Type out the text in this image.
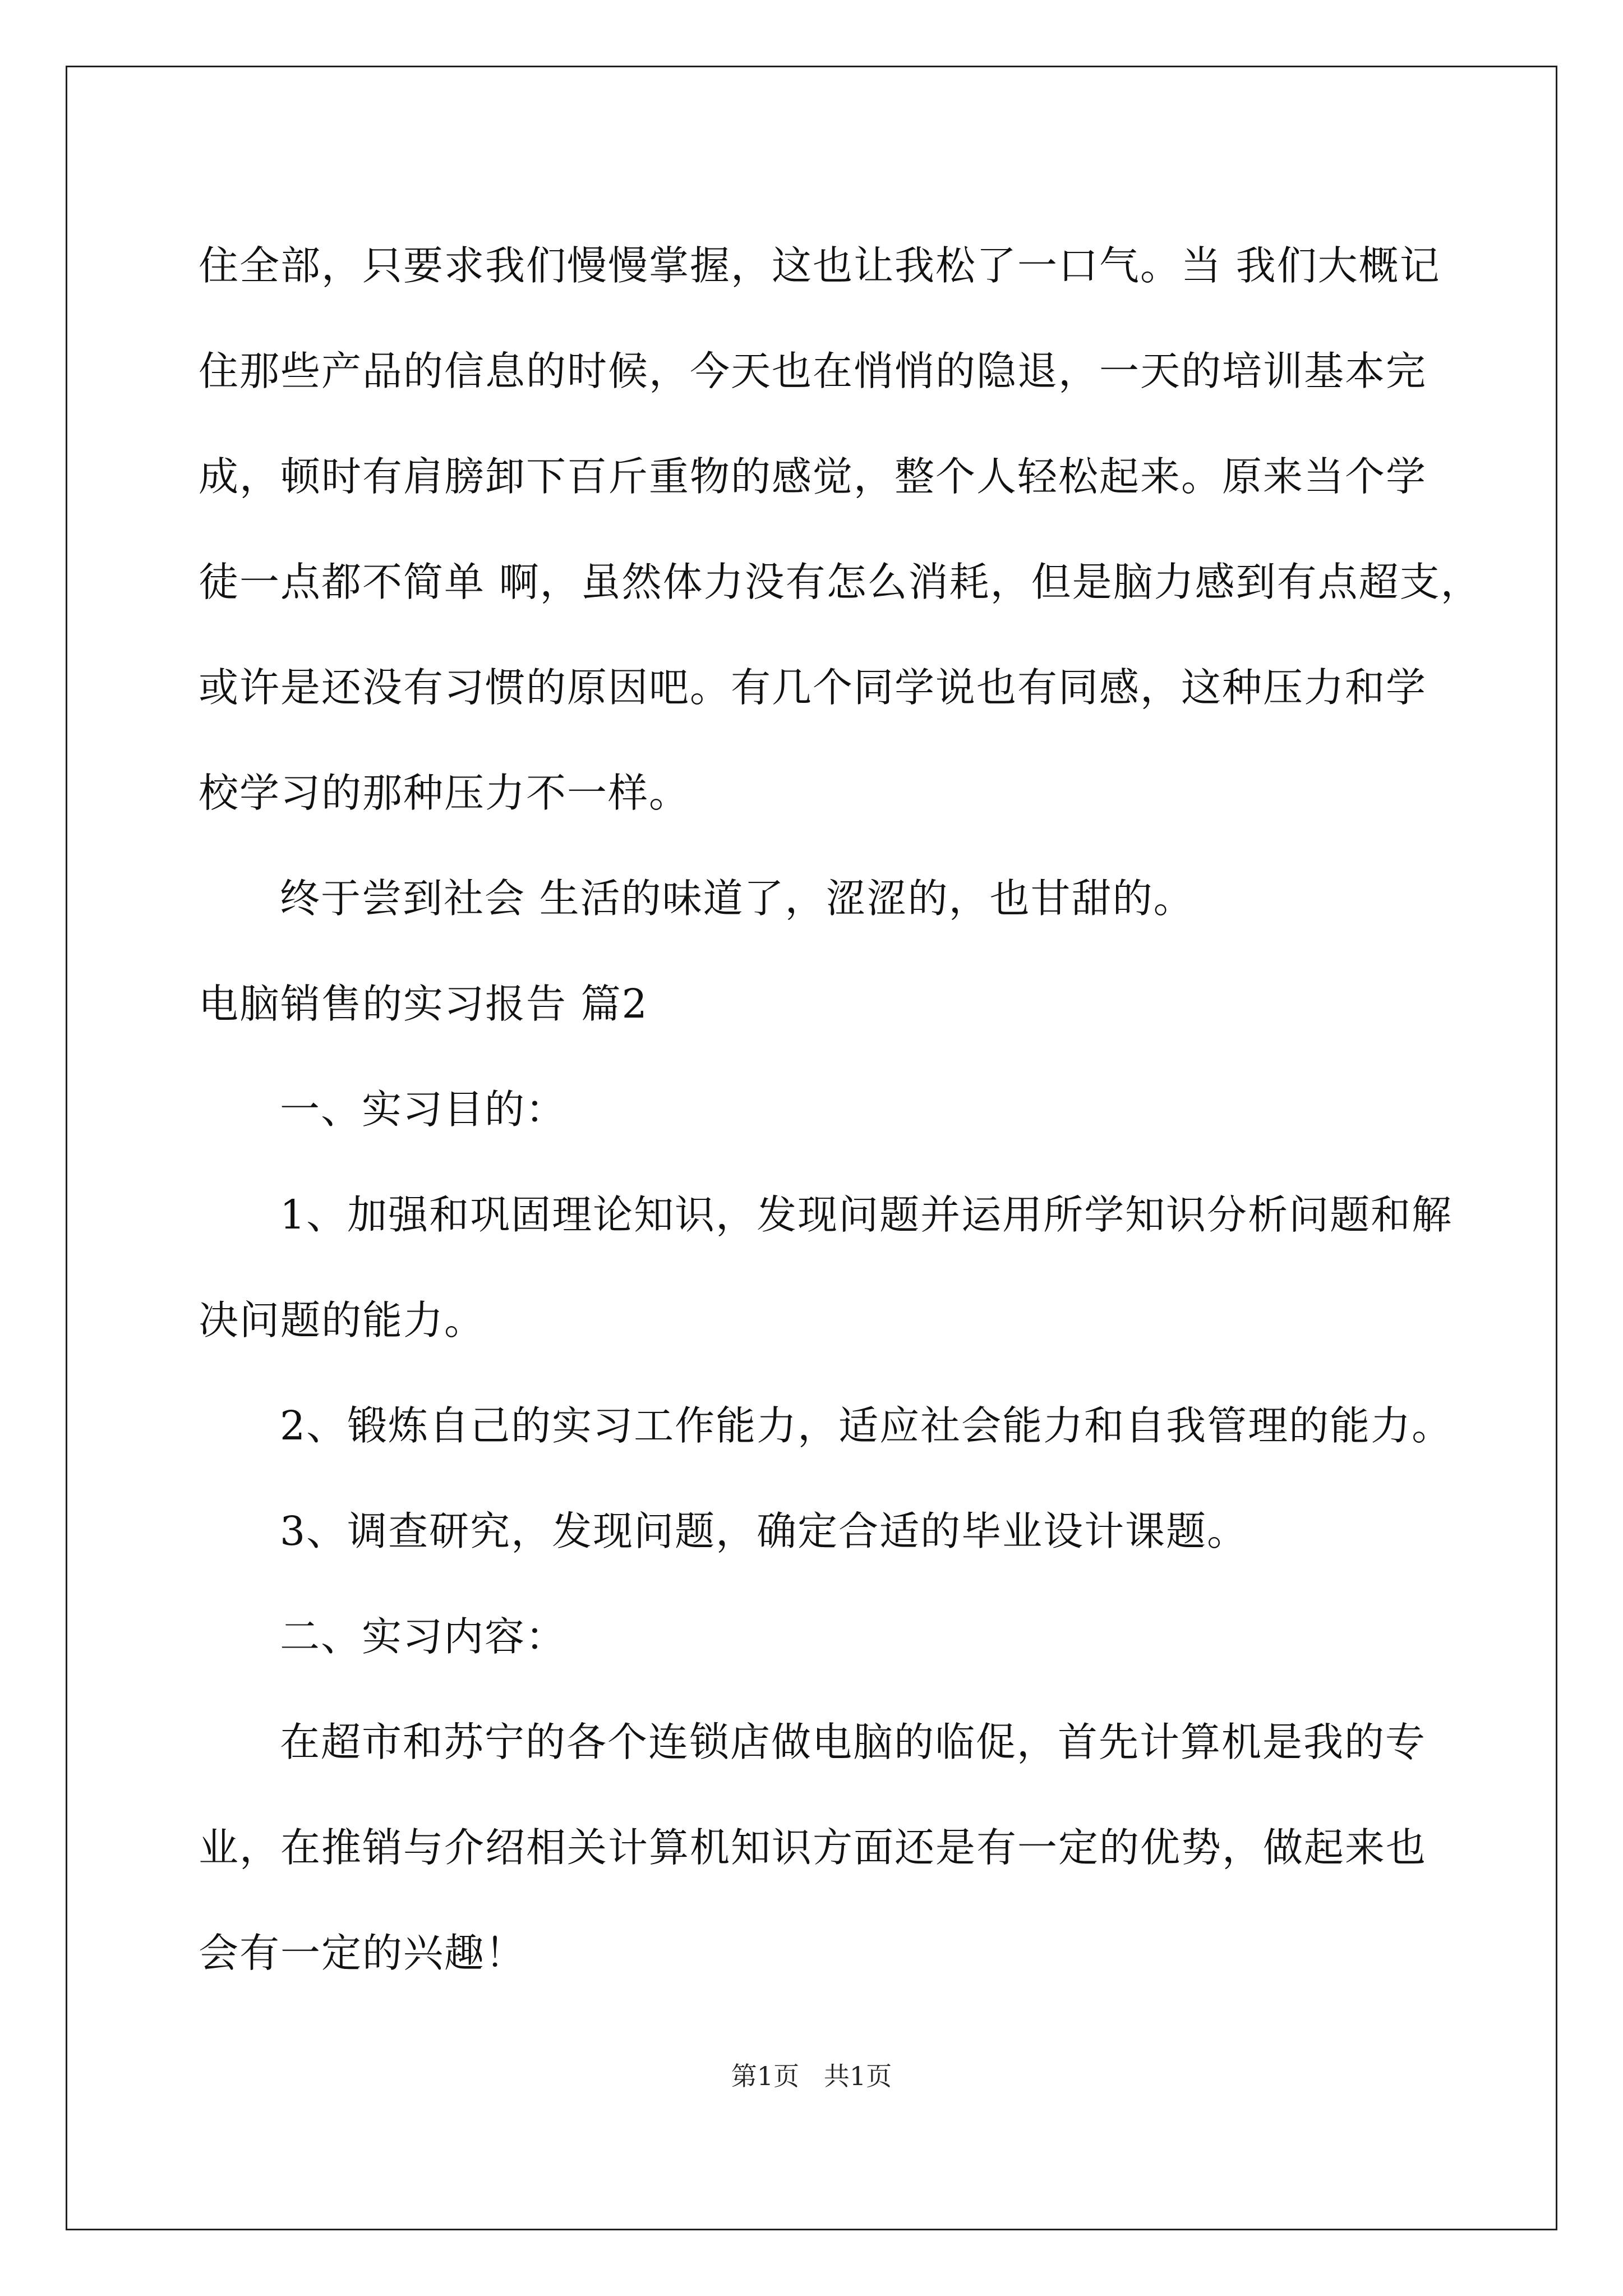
住全部，只要求我们慢慢掌握，这也让我松了一口气。当 我们大概记
住那些产品的信息的时候，今天也在悄悄的隐退，一天的培训基本完
成，顿时有肩膀卸下百斤重物的感觉，整个人轻松起来。原来当个学
徒一点都不简单 啊，虽然体力没有怎么消耗，但是脑力感到有点超支，
或许是还没有习惯的原因吧。有几个同学说也有同感，这种压力和学
校学习的那种压力不一样。
终于尝到社会 生活的味道了，涩涩的，也甘甜的。
电脑销售的实习报告 篇2
一、实习目的：
1、加强和巩固理论知识，发现问题并运用所学知识分析问题和解
决问题的能力。
2、锻炼自己的实习工作能力，适应社会能力和自我管理的能力。
3、调查研究，发现问题，确定合适的毕业设计课题。
二、实习内容：
在超市和苏宁的各个连锁店做电脑的临促，首先计算机是我的专
业，在推销与介绍相关计算机知识方面还是有一定的优势，做起来也
会有一定的兴趣！
第1页   共1页
